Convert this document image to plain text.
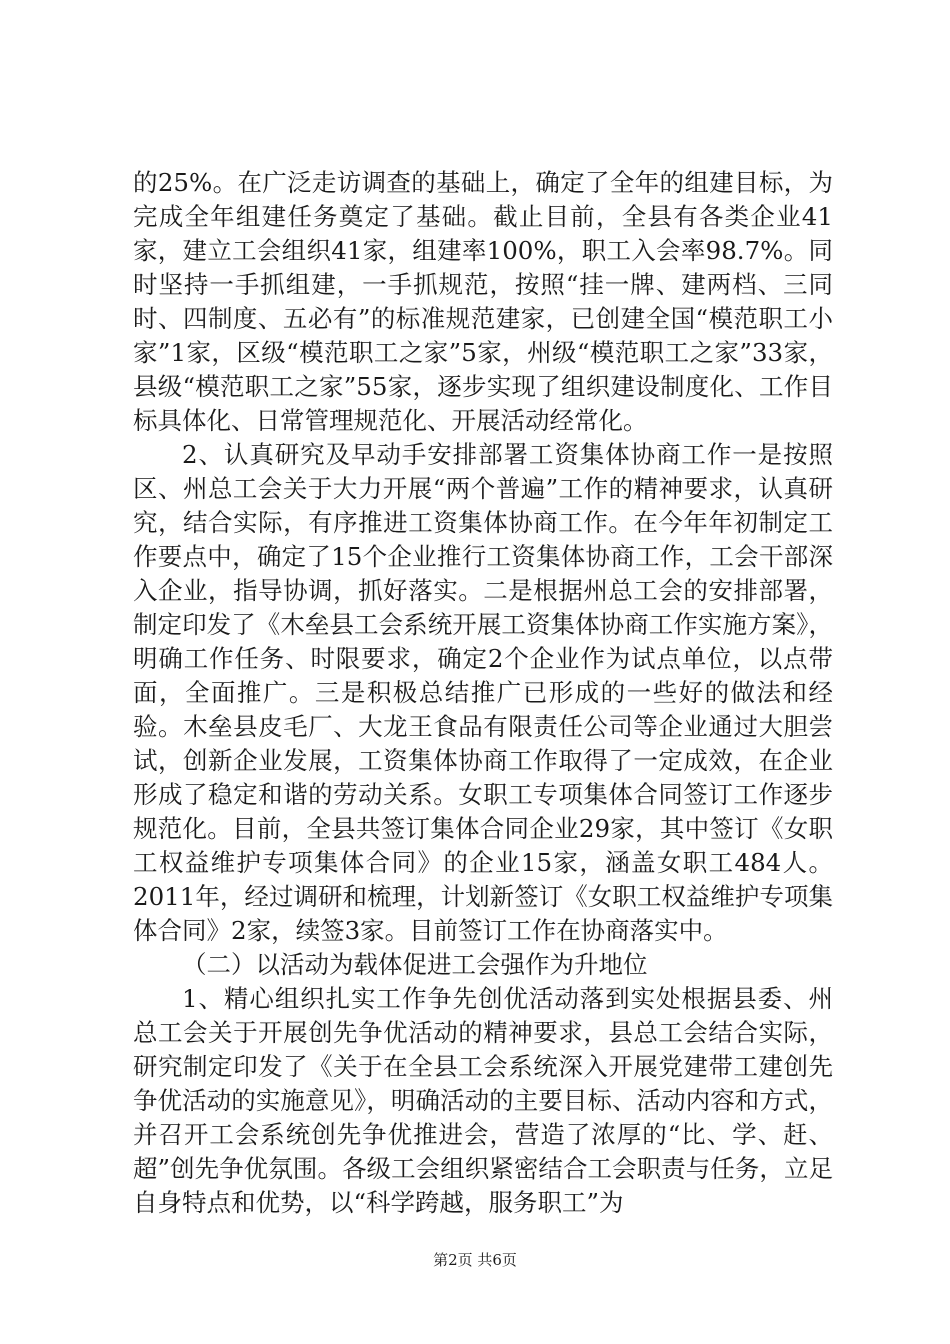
的25%。在广泛走访调查的基础上，确定了全年的组建目标，为完成全年组建任务奠定了基础。截止目前，全县有各类企业41家，建立工会组织41家，组建率100%，职工入会率98.7%。同时坚持一手抓组建，一手抓规范，按照“挂一牌、建两档、三同时、四制度、五必有”的标准规范建家，已创建全国“模范职工小家”1家，区级“模范职工之家”5家，州级“模范职工之家”33家，县级“模范职工之家”55家，逐步实现了组织建设制度化、工作目标具体化、日常管理规范化、开展活动经常化。

2、认真研究及早动手安排部署工资集体协商工作一是按照区、州总工会关于大力开展“两个普遍”工作的精神要求，认真研究，结合实际，有序推进工资集体协商工作。在今年年初制定工作要点中，确定了15个企业推行工资集体协商工作，工会干部深入企业，指导协调，抓好落实。二是根据州总工会的安排部署，制定印发了《木垒县工会系统开展工资集体协商工作实施方案》，明确工作任务、时限要求，确定2个企业作为试点单位，以点带面，全面推广。三是积极总结推广已形成的一些好的做法和经验。木垒县皮毛厂、大龙王食品有限责任公司等企业通过大胆尝试，创新企业发展，工资集体协商工作取得了一定成效，在企业形成了稳定和谐的劳动关系。女职工专项集体合同签订工作逐步规范化。目前，全县共签订集体合同企业29家，其中签订《女职工权益维护专项集体合同》的企业15家，涵盖女职工484人。2011年，经过调研和梳理，计划新签订《女职工权益维护专项集体合同》2家，续签3家。目前签订工作在协商落实中。

（二）以活动为载体促进工会强作为升地位

1、精心组织扎实工作争先创优活动落到实处根据县委、州总工会关于开展创先争优活动的精神要求，县总工会结合实际，研究制定印发了《关于在全县工会系统深入开展党建带工建创先争优活动的实施意见》，明确活动的主要目标、活动内容和方式，并召开工会系统创先争优推进会，营造了浓厚的“比、学、赶、超”创先争优氛围。各级工会组织紧密结合工会职责与任务，立足自身特点和优势，以“科学跨越，服务职工”为

第2页 共6页
